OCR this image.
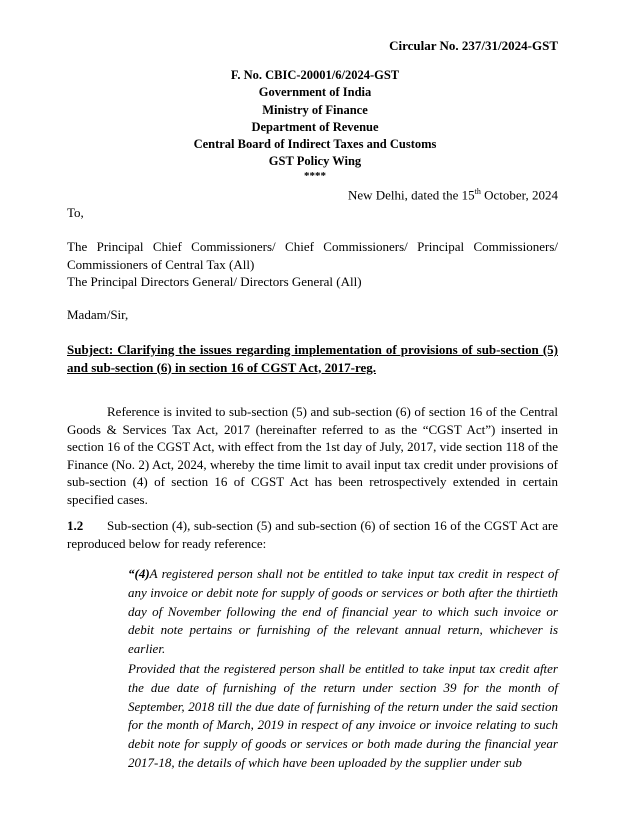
Circular No. 237/31/2024-GST
F. No. CBIC-20001/6/2024-GST
Government of India
Ministry of Finance
Department of Revenue
Central Board of Indirect Taxes and Customs
GST Policy Wing
****
New Delhi, dated the 15th October, 2024
To,
The Principal Chief Commissioners/ Chief Commissioners/ Principal Commissioners/
Commissioners of Central Tax (All)
The Principal Directors General/ Directors General (All)
Madam/Sir,
Subject: Clarifying the issues regarding implementation of provisions of sub-section (5)
and sub-section (6) in section 16 of CGST Act, 2017-reg.
Reference is invited to sub-section (5) and sub-section (6) of section 16 of the Central Goods & Services Tax Act, 2017 (hereinafter referred to as the “CGST Act”) inserted in section 16 of the CGST Act, with effect from the 1st day of July, 2017, vide section 118 of the Finance (No. 2) Act, 2024, whereby the time limit to avail input tax credit under provisions of sub-section (4) of section 16 of CGST Act has been retrospectively extended in certain specified cases.
1.2 Sub-section (4), sub-section (5) and sub-section (6) of section 16 of the CGST Act are reproduced below for ready reference:
“(4)A registered person shall not be entitled to take input tax credit in respect of any invoice or debit note for supply of goods or services or both after the thirtieth day of November following the end of financial year to which such invoice or debit note pertains or furnishing of the relevant annual return, whichever is earlier.
Provided that the registered person shall be entitled to take input tax credit after the due date of furnishing of the return under section 39 for the month of September, 2018 till the due date of furnishing of the return under the said section for the month of March, 2019 in respect of any invoice or invoice relating to such debit note for supply of goods or services or both made during the financial year 2017-18, the details of which have been uploaded by the supplier under sub
